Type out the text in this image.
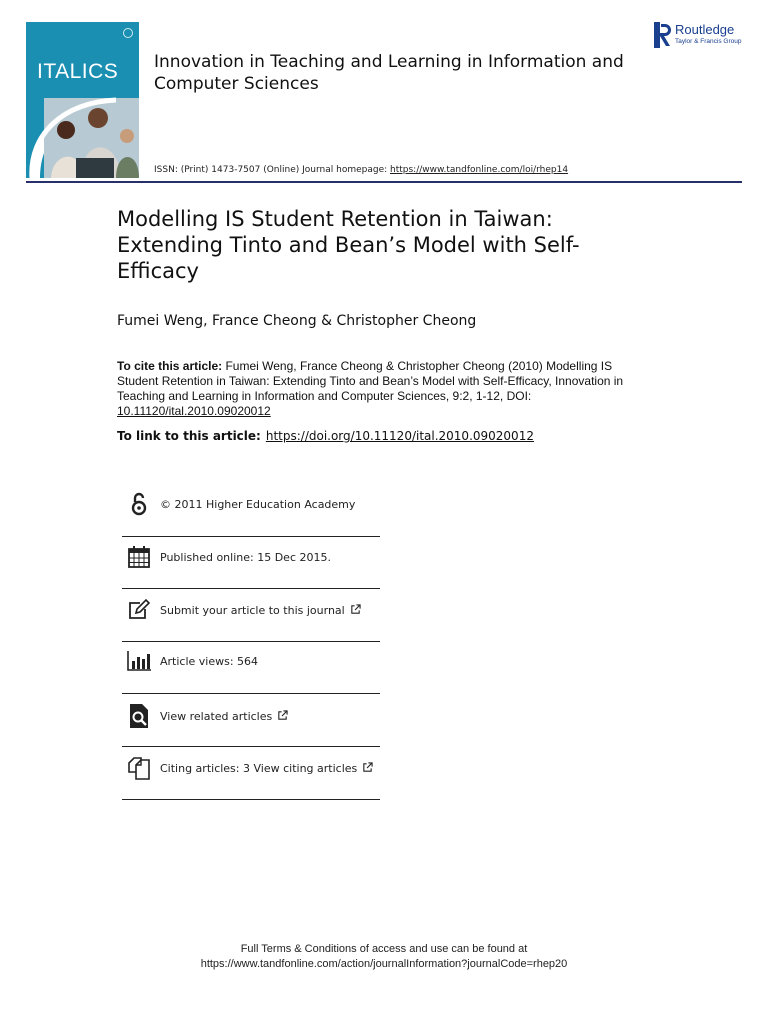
ITALICS Innovation in Teaching and Learning in Information and Computer Sciences
ISSN: (Print) 1473-7507 (Online) Journal homepage: https://www.tandfonline.com/loi/rhep14
Routledge
Taylor & Francis Group
Modelling IS Student Retention in Taiwan: Extending Tinto and Bean’s Model with Self-Efficacy
Fumei Weng, France Cheong & Christopher Cheong
To cite this article: Fumei Weng, France Cheong & Christopher Cheong (2010) Modelling IS Student Retention in Taiwan: Extending Tinto and Bean’s Model with Self-Efficacy, Innovation in Teaching and Learning in Information and Computer Sciences, 9:2, 1-12, DOI: 10.11120/ital.2010.09020012
To link to this article: https://doi.org/10.11120/ital.2010.09020012
© 2011 Higher Education Academy
Published online: 15 Dec 2015.
Submit your article to this journal
Article views: 564
View related articles
Citing articles: 3 View citing articles
Full Terms & Conditions of access and use can be found at
https://www.tandfonline.com/action/journalInformation?journalCode=rhep20
